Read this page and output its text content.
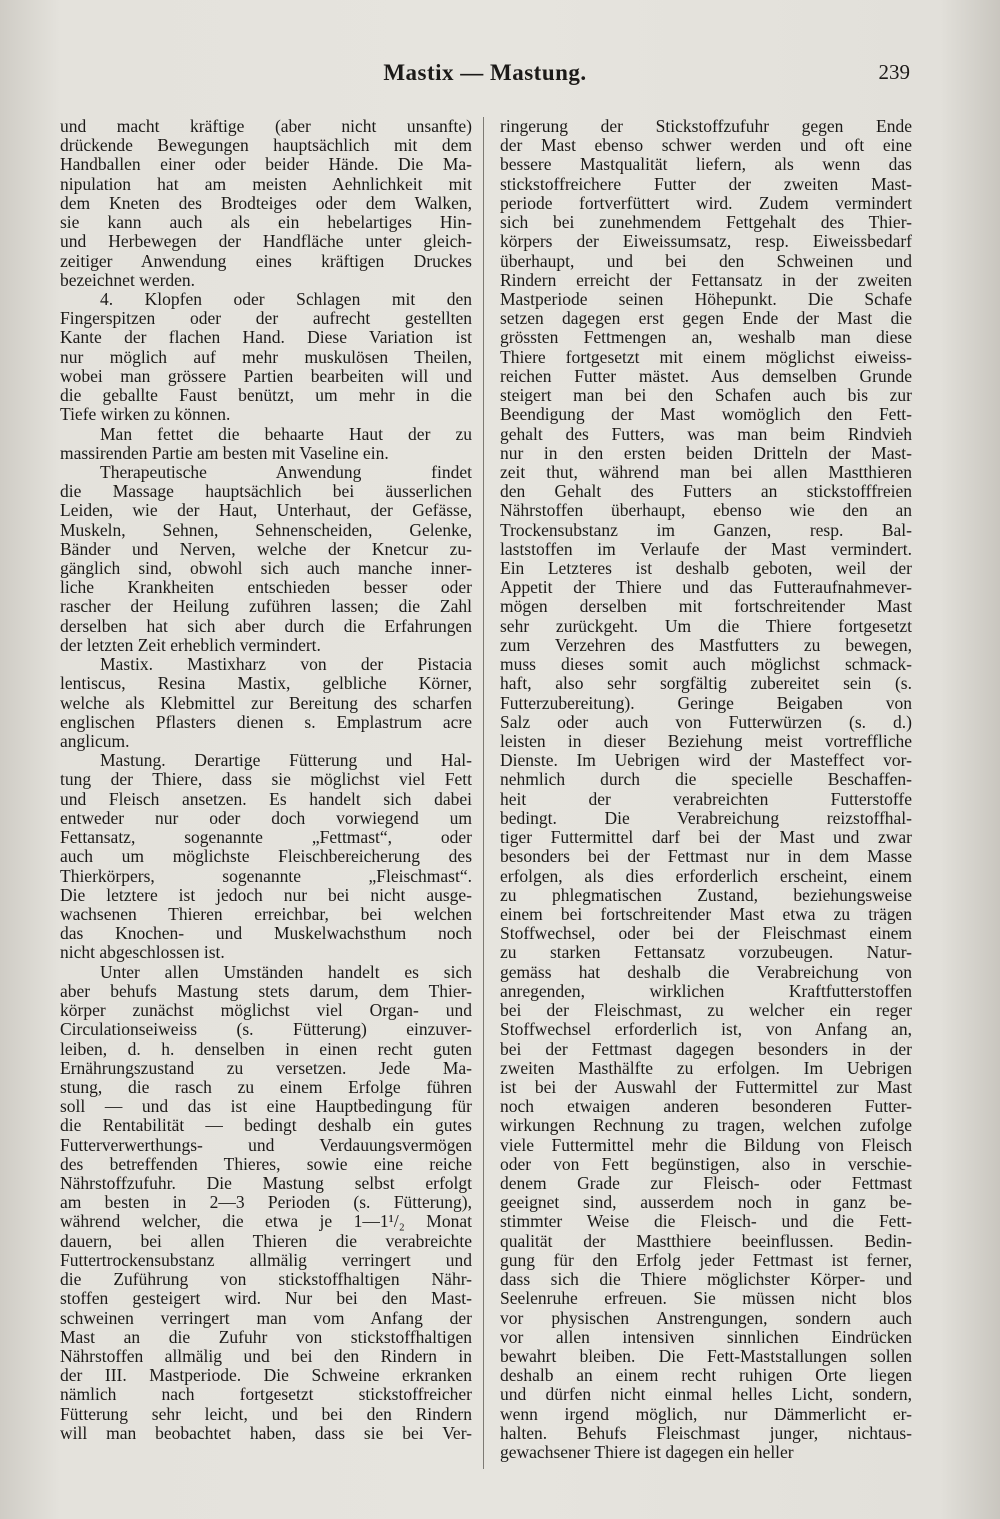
Mastix — Mastung.	239
und macht kräftige (aber nicht unsanfte)
drückende Bewegungen hauptsächlich mit dem
Handballen einer oder beider Hände. Die Ma-
nipulation hat am meisten Aehnlichkeit mit
dem Kneten des Brodteiges oder dem Walken,
sie kann auch als ein hebelartiges Hin-
und Herbewegen der Handfläche unter gleich-
zeitiger Anwendung eines kräftigen Druckes
bezeichnet werden.
4. Klopfen oder Schlagen mit den
Fingerspitzen oder der aufrecht gestellten
Kante der flachen Hand. Diese Variation ist
nur möglich auf mehr muskulösen Theilen,
wobei man grössere Partien bearbeiten will und
die geballte Faust benützt, um mehr in die
Tiefe wirken zu können.
Man fettet die behaarte Haut der zu
massirenden Partie am besten mit Vaseline ein.
Therapeutische Anwendung findet
die Massage hauptsächlich bei äusserlichen
Leiden, wie der Haut, Unterhaut, der Gefässe,
Muskeln, Sehnen, Sehnenscheiden, Gelenke,
Bänder und Nerven, welche der Knetcur zu-
gänglich sind, obwohl sich auch manche inner-
liche Krankheiten entschieden besser oder
rascher der Heilung zuführen lassen; die Zahl
derselben hat sich aber durch die Erfahrungen
der letzten Zeit erheblich vermindert.
Mastix. Mastixharz von der Pistacia
lentiscus, Resina Mastix, gelbliche Körner,
welche als Klebmittel zur Bereitung des scharfen
englischen Pflasters dienen s. Emplastrum acre
anglicum.
Mastung. Derartige Fütterung und Hal-
tung der Thiere, dass sie möglichst viel Fett
und Fleisch ansetzen. Es handelt sich dabei
entweder nur oder doch vorwiegend um
Fettansatz, sogenannte „Fettmast“, oder
auch um möglichste Fleischbereicherung des
Thierkörpers, sogenannte „Fleischmast“.
Die letztere ist jedoch nur bei nicht ausge-
wachsenen Thieren erreichbar, bei welchen
das Knochen- und Muskelwachsthum noch
nicht abgeschlossen ist.
Unter allen Umständen handelt es sich
aber behufs Mastung stets darum, dem Thier-
körper zunächst möglichst viel Organ- und
Circulationseiweiss (s. Fütterung) einzuver-
leiben, d. h. denselben in einen recht guten
Ernährungszustand zu versetzen. Jede Ma-
stung, die rasch zu einem Erfolge führen
soll — und das ist eine Hauptbedingung für
die Rentabilität — bedingt deshalb ein gutes
Futterverwerthungs- und Verdauungsvermögen
des betreffenden Thieres, sowie eine reiche
Nährstoffzufuhr. Die Mastung selbst erfolgt
am besten in 2—3 Perioden (s. Fütterung),
während welcher, die etwa je 1—1¹/₂ Monat
dauern, bei allen Thieren die verabreichte
Futtertrockensubstanz allmälig verringert und
die Zuführung von stickstoffhaltigen Nähr-
stoffen gesteigert wird. Nur bei den Mast-
schweinen verringert man vom Anfang der
Mast an die Zufuhr von stickstoffhaltigen
Nährstoffen allmälig und bei den Rindern in
der III. Mastperiode. Die Schweine erkranken
nämlich nach fortgesetzt stickstoffreicher
Fütterung sehr leicht, und bei den Rindern
will man beobachtet haben, dass sie bei Ver-
ringerung der Stickstoffzufuhr gegen Ende
der Mast ebenso schwer werden und oft eine
bessere Mastqualität liefern, als wenn das
stickstoffreichere Futter der zweiten Mast-
periode fortverfüttert wird. Zudem vermindert
sich bei zunehmendem Fettgehalt des Thier-
körpers der Eiweissumsatz, resp. Eiweissbedarf
überhaupt, und bei den Schweinen und
Rindern erreicht der Fettansatz in der zweiten
Mastperiode seinen Höhepunkt. Die Schafe
setzen dagegen erst gegen Ende der Mast die
grössten Fettmengen an, weshalb man diese
Thiere fortgesetzt mit einem möglichst eiweiss-
reichen Futter mästet. Aus demselben Grunde
steigert man bei den Schafen auch bis zur
Beendigung der Mast womöglich den Fett-
gehalt des Futters, was man beim Rindvieh
nur in den ersten beiden Dritteln der Mast-
zeit thut, während man bei allen Mastthieren
den Gehalt des Futters an stickstofffreien
Nährstoffen überhaupt, ebenso wie den an
Trockensubstanz im Ganzen, resp. Bal-
laststoffen im Verlaufe der Mast vermindert.
Ein Letzteres ist deshalb geboten, weil der
Appetit der Thiere und das Futteraufnahmever-
mögen derselben mit fortschreitender Mast
sehr zurückgeht. Um die Thiere fortgesetzt
zum Verzehren des Mastfutters zu bewegen,
muss dieses somit auch möglichst schmack-
haft, also sehr sorgfältig zubereitet sein (s.
Futterzubereitung). Geringe Beigaben von
Salz oder auch von Futterwürzen (s. d.)
leisten in dieser Beziehung meist vortreffliche
Dienste. Im Uebrigen wird der Masteffect vor-
nehmlich durch die specielle Beschaffen-
heit der verabreichten Futterstoffe
bedingt. Die Verabreichung reizstoffhal-
tiger Futtermittel darf bei der Mast und zwar
besonders bei der Fettmast nur in dem Masse
erfolgen, als dies erforderlich erscheint, einem
zu phlegmatischen Zustand, beziehungsweise
einem bei fortschreitender Mast etwa zu trägen
Stoffwechsel, oder bei der Fleischmast einem
zu starken Fettansatz vorzubeugen. Natur-
gemäss hat deshalb die Verabreichung von
anregenden, wirklichen Kraftfutterstoffen
bei der Fleischmast, zu welcher ein reger
Stoffwechsel erforderlich ist, von Anfang an,
bei der Fettmast dagegen besonders in der
zweiten Masthälfte zu erfolgen. Im Uebrigen
ist bei der Auswahl der Futtermittel zur Mast
noch etwaigen anderen besonderen Futter-
wirkungen Rechnung zu tragen, welchen zufolge
viele Futtermittel mehr die Bildung von Fleisch
oder von Fett begünstigen, also in verschie-
denem Grade zur Fleisch- oder Fettmast
geeignet sind, ausserdem noch in ganz be-
stimmter Weise die Fleisch- und die Fett-
qualität der Mastthiere beeinflussen. Bedin-
gung für den Erfolg jeder Fettmast ist ferner,
dass sich die Thiere möglichster Körper- und
Seelenruhe erfreuen. Sie müssen nicht blos
vor physischen Anstrengungen, sondern auch
vor allen intensiven sinnlichen Eindrücken
bewahrt bleiben. Die Fett-Maststallungen sollen
deshalb an einem recht ruhigen Orte liegen
und dürfen nicht einmal helles Licht, sondern,
wenn irgend möglich, nur Dämmerlicht er-
halten. Behufs Fleischmast junger, nichtaus-
gewachsener Thiere ist dagegen ein heller
